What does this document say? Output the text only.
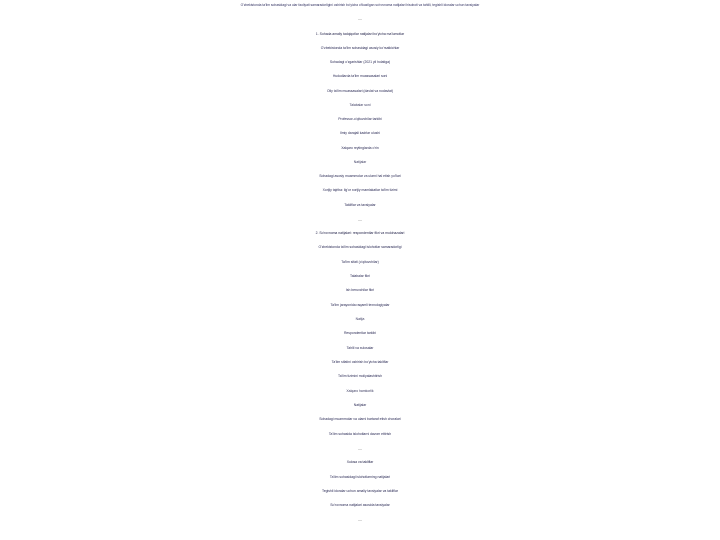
O'zbekistonda ta'lim sohasidagi va ular faoliyati samaradorligini oshirish bo'yicha o'tkazilgan so'rovnoma natijalari hisoboti va tahlili, tegishli idoralar uchun tavsiyalar
—
1. Sohada amaliy tadqiqotlar natijalari bo'yicha ma'lumotlar
O'zbekistonda ta'lim sohasidagi asosiy ko'rsatkichlar
Sohadagi o'zgarishlar (2021 yil holatiga)
Hududlarda ta'lim muassasalari soni
Oliy ta'lim muassasalari (davlat va nodavlat)
Talabalar soni
Professor-o'qituvchilar tarkibi
Ilmiy darajali kadrlar ulushi
Xalqaro reytinglarda o'rin
Natijalar
Sohadagi asosiy muammolar va ularni hal etish yo'llari
Xorijiy tajriba: ilg'or xorijiy mamlakatlar ta'lim tizimi
Takliflar va tavsiyalar
—
2. So'rovnoma natijalari: respondentlar fikri va mulohazalari
O'zbekistonda ta'lim sohasidagi islohotlar samaradorligi
Ta'lim sifati (o'qituvchilar)
Talabalar fikri
Ish beruvchilar fikri
Ta'lim jarayonida raqamli texnologiyalar
Natija
Respondentlar tarkibi
Tahlil va xulosalar
Ta'lim sifatini oshirish bo'yicha takliflar
Ta'lim tizimini moliyalashtirish
Xalqaro hamkorlik
Natijalar
Sohadagi muammolar va ularni bartaraf etish choralari
Ta'lim sohasida islohotlarni davom ettirish
—
Xulosa va takliflar
Ta'lim sohasidagi islohotlarning natijalari
Tegishli idoralar uchun amaliy tavsiyalar va takliflar
So'rovnoma natijalari asosida tavsiyalar
—
